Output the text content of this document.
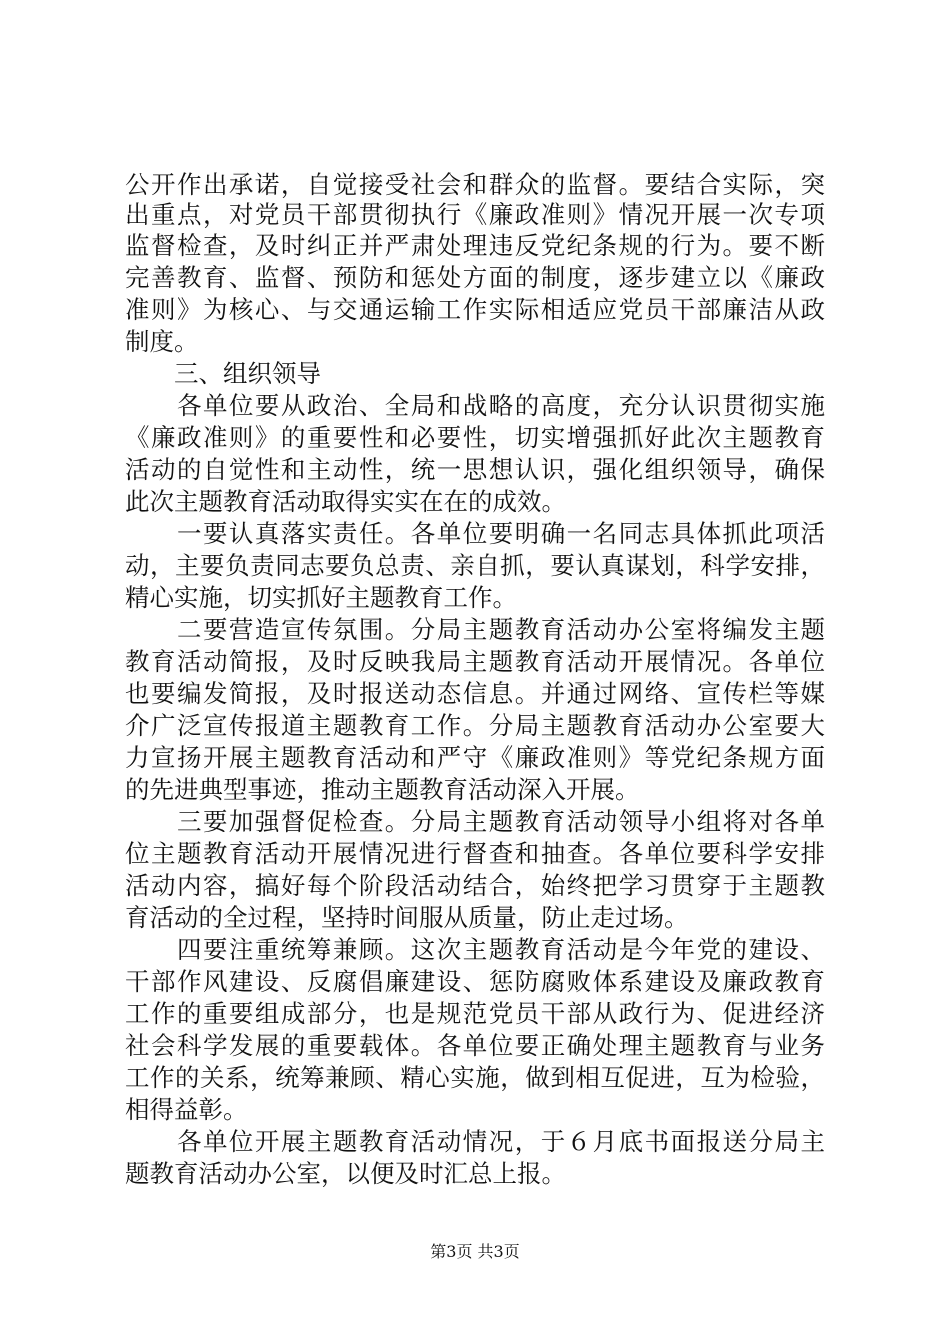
公开作出承诺，自觉接受社会和群众的监督。要结合实际，突
出重点，对党员干部贯彻执行《廉政准则》情况开展一次专项
监督检查，及时纠正并严肃处理违反党纪条规的行为。要不断
完善教育、监督、预防和惩处方面的制度，逐步建立以《廉政
准则》为核心、与交通运输工作实际相适应党员干部廉洁从政
制度。
　　三、组织领导
　　各单位要从政治、全局和战略的高度，充分认识贯彻实施
《廉政准则》的重要性和必要性，切实增强抓好此次主题教育
活动的自觉性和主动性，统一思想认识，强化组织领导，确保
此次主题教育活动取得实实在在的成效。
　　一要认真落实责任。各单位要明确一名同志具体抓此项活
动，主要负责同志要负总责、亲自抓，要认真谋划，科学安排，
精心实施，切实抓好主题教育工作。
　　二要营造宣传氛围。分局主题教育活动办公室将编发主题
教育活动简报，及时反映我局主题教育活动开展情况。各单位
也要编发简报，及时报送动态信息。并通过网络、宣传栏等媒
介广泛宣传报道主题教育工作。分局主题教育活动办公室要大
力宣扬开展主题教育活动和严守《廉政准则》等党纪条规方面
的先进典型事迹，推动主题教育活动深入开展。
　　三要加强督促检查。分局主题教育活动领导小组将对各单
位主题教育活动开展情况进行督查和抽查。各单位要科学安排
活动内容，搞好每个阶段活动结合，始终把学习贯穿于主题教
育活动的全过程，坚持时间服从质量，防止走过场。
　　四要注重统筹兼顾。这次主题教育活动是今年党的建设、
干部作风建设、反腐倡廉建设、惩防腐败体系建设及廉政教育
工作的重要组成部分，也是规范党员干部从政行为、促进经济
社会科学发展的重要载体。各单位要正确处理主题教育与业务
工作的关系，统筹兼顾、精心实施，做到相互促进，互为检验，
相得益彰。
　　各单位开展主题教育活动情况，于６月底书面报送分局主
题教育活动办公室，以便及时汇总上报。
第3页 共3页
